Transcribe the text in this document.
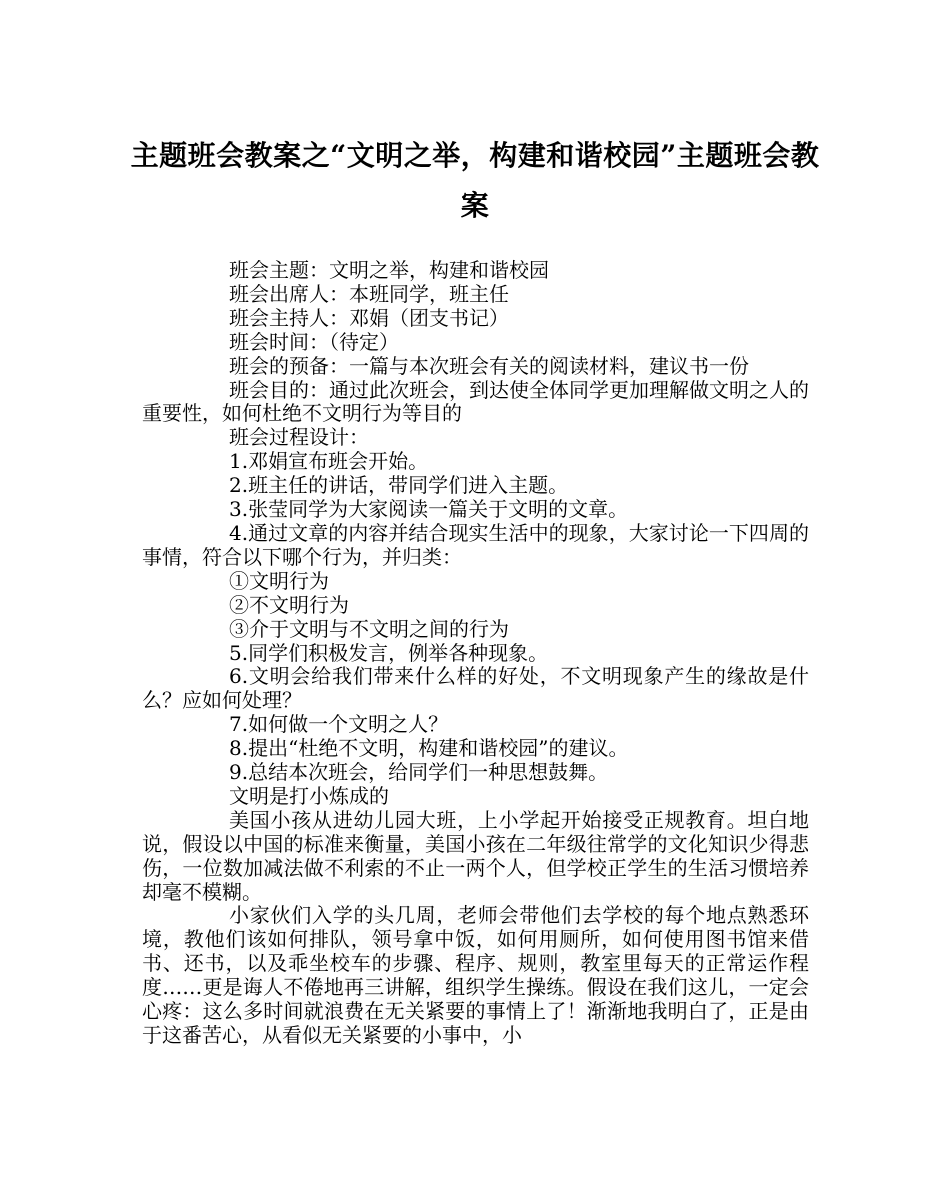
主题班会教案之“文明之举，构建和谐校园”主题班会教案

班会主题：文明之举，构建和谐校园

班会出席人：本班同学，班主任

班会主持人：邓娟（团支书记）

班会时间：（待定）

班会的预备：一篇与本次班会有关的阅读材料，建议书一份

班会目的：通过此次班会，到达使全体同学更加理解做文明之人的重要性，如何杜绝不文明行为等目的

班会过程设计：

1.邓娟宣布班会开始。

2.班主任的讲话，带同学们进入主题。

3.张莹同学为大家阅读一篇关于文明的文章。

4.通过文章的内容并结合现实生活中的现象，大家讨论一下四周的事情，符合以下哪个行为，并归类：

①文明行为

②不文明行为

③介于文明与不文明之间的行为

5.同学们积极发言，例举各种现象。

6.文明会给我们带来什么样的好处，不文明现象产生的缘故是什么？应如何处理？

7.如何做一个文明之人？

8.提出“杜绝不文明，构建和谐校园”的建议。

9.总结本次班会，给同学们一种思想鼓舞。

文明是打小炼成的

美国小孩从进幼儿园大班，上小学起开始接受正规教育。坦白地说，假设以中国的标准来衡量，美国小孩在二年级往常学的文化知识少得悲伤，一位数加减法做不利索的不止一两个人，但学校正学生的生活习惯培养却毫不模糊。

小家伙们入学的头几周，老师会带他们去学校的每个地点熟悉环境，教他们该如何排队，领号拿中饭，如何用厕所，如何使用图书馆来借书、还书，以及乖坐校车的步骤、程序、规则，教室里每天的正常运作程度……更是诲人不倦地再三讲解，组织学生操练。假设在我们这儿，一定会心疼：这么多时间就浪费在无关紧要的事情上了！渐渐地我明白了，正是由于这番苦心，从看似无关紧要的小事中，小
